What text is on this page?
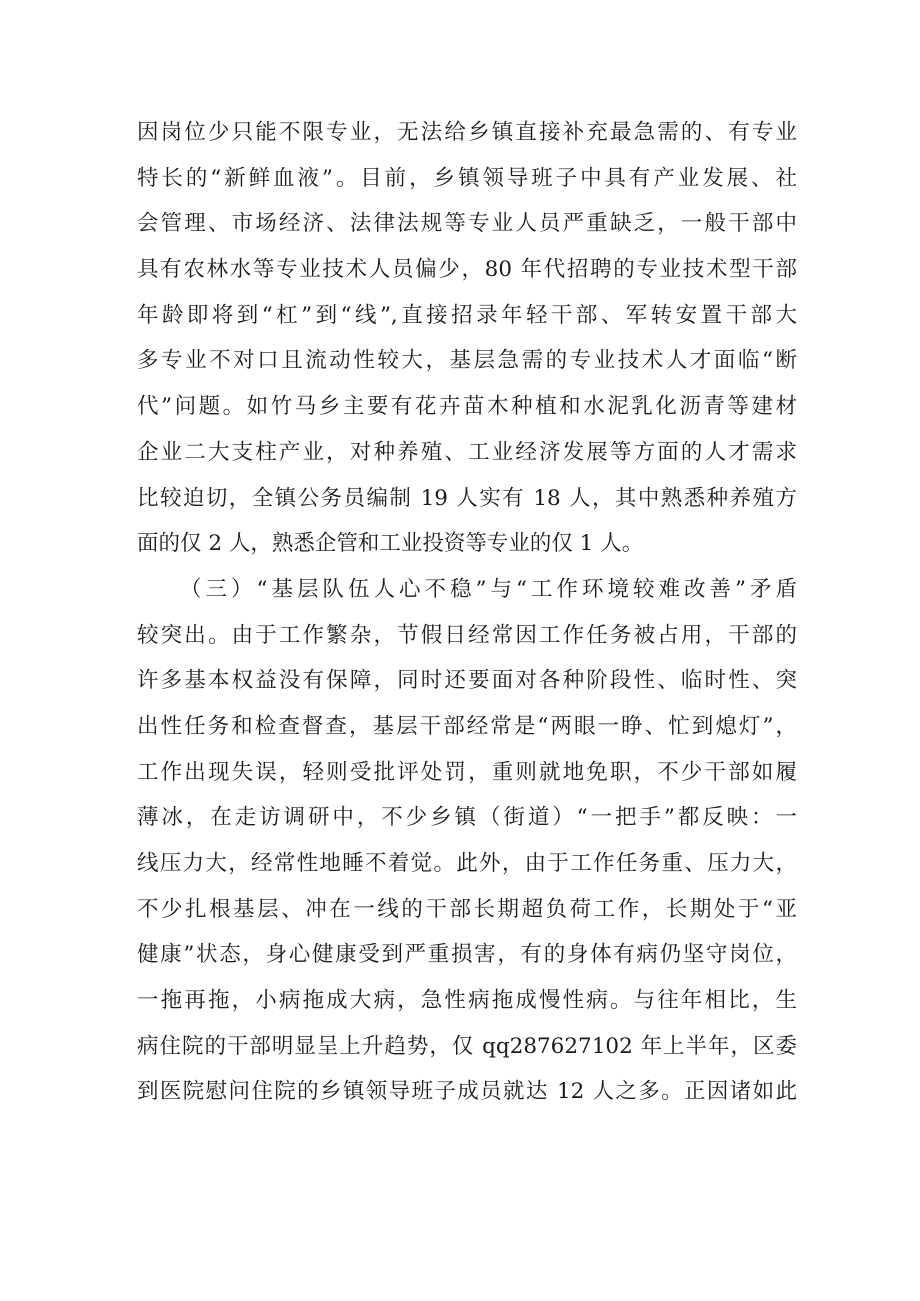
因岗位少只能不限专业，无法给乡镇直接补充最急需的、有专业
特长的“新鲜血液”。目前，乡镇领导班子中具有产业发展、社
会管理、市场经济、法律法规等专业人员严重缺乏，一般干部中
具有农林水等专业技术人员偏少，80 年代招聘的专业技术型干部
年龄即将到“杠”到“线”,直接招录年轻干部、军转安置干部大
多专业不对口且流动性较大，基层急需的专业技术人才面临“断
代”问题。如竹马乡主要有花卉苗木种植和水泥乳化沥青等建材
企业二大支柱产业，对种养殖、工业经济发展等方面的人才需求
比较迫切，全镇公务员编制 19 人实有 18 人，其中熟悉种养殖方
面的仅 2 人，熟悉企管和工业投资等专业的仅 1 人。
（三）“基层队伍人心不稳”与“工作环境较难改善”矛盾
较突出。由于工作繁杂，节假日经常因工作任务被占用，干部的
许多基本权益没有保障，同时还要面对各种阶段性、临时性、突
出性任务和检查督查，基层干部经常是“两眼一睁、忙到熄灯”，
工作出现失误，轻则受批评处罚，重则就地免职，不少干部如履
薄冰，在走访调研中，不少乡镇（街道）“一把手”都反映：一
线压力大，经常性地睡不着觉。此外，由于工作任务重、压力大，
不少扎根基层、冲在一线的干部长期超负荷工作，长期处于“亚
健康”状态，身心健康受到严重损害，有的身体有病仍坚守岗位，
一拖再拖，小病拖成大病，急性病拖成慢性病。与往年相比，生
病住院的干部明显呈上升趋势，仅 qq287627102 年上半年，区委
到医院慰问住院的乡镇领导班子成员就达 12 人之多。正因诸如此
